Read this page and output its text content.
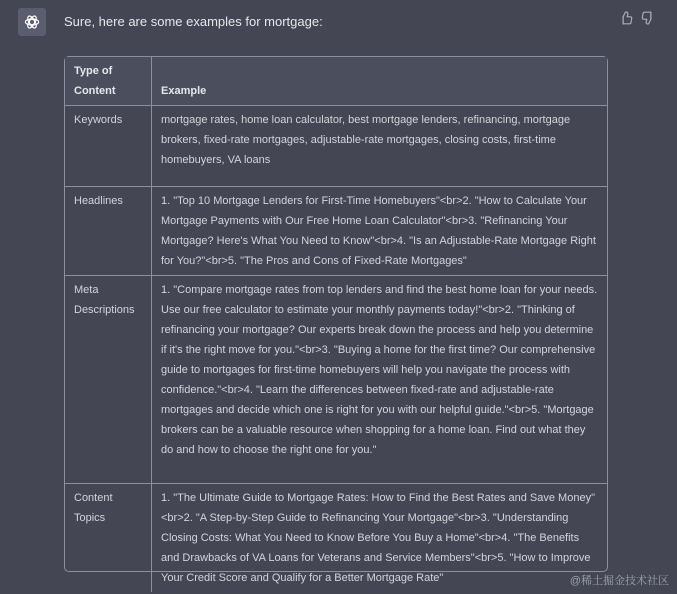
Sure, here are some examples for mortgage:
Type of Content	Example
Keywords	mortgage rates, home loan calculator, best mortgage lenders, refinancing, mortgage brokers, fixed-rate mortgages, adjustable-rate mortgages, closing costs, first-time homebuyers, VA loans
Headlines	1. "Top 10 Mortgage Lenders for First-Time Homebuyers"<br>2. "How to Calculate Your Mortgage Payments with Our Free Home Loan Calculator"<br>3. "Refinancing Your Mortgage? Here's What You Need to Know"<br>4. "Is an Adjustable-Rate Mortgage Right for You?"<br>5. "The Pros and Cons of Fixed-Rate Mortgages"
Meta Descriptions	1. "Compare mortgage rates from top lenders and find the best home loan for your needs. Use our free calculator to estimate your monthly payments today!"<br>2. "Thinking of refinancing your mortgage? Our experts break down the process and help you determine if it's the right move for you."<br>3. "Buying a home for the first time? Our comprehensive guide to mortgages for first-time homebuyers will help you navigate the process with confidence."<br>4. "Learn the differences between fixed-rate and adjustable-rate mortgages and decide which one is right for you with our helpful guide."<br>5. "Mortgage brokers can be a valuable resource when shopping for a home loan. Find out what they do and how to choose the right one for you."
Content Topics	1. "The Ultimate Guide to Mortgage Rates: How to Find the Best Rates and Save Money"<br>2. "A Step-by-Step Guide to Refinancing Your Mortgage"<br>3. "Understanding Closing Costs: What You Need to Know Before You Buy a Home"<br>4. "The Benefits and Drawbacks of VA Loans for Veterans and Service Members"<br>5. "How to Improve Your Credit Score and Qualify for a Better Mortgage Rate"	@稀土掘金技术社区
